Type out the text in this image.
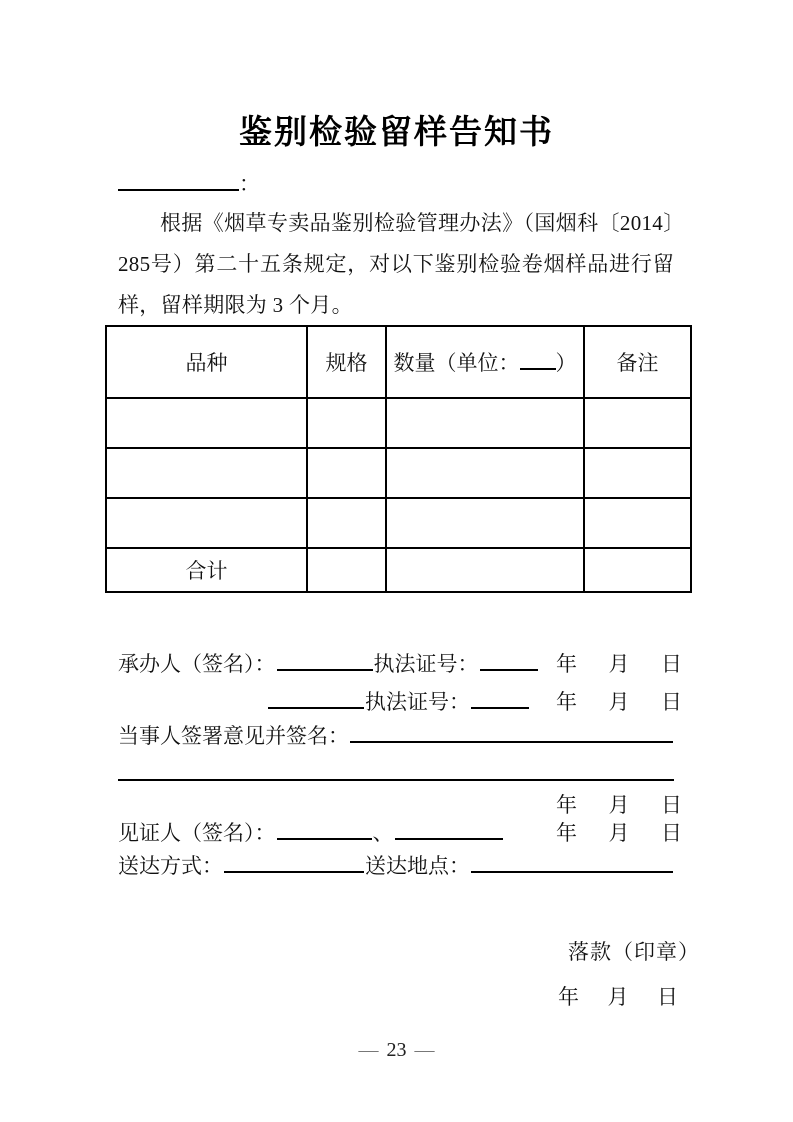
鉴别检验留样告知书
：

根据《烟草专卖品鉴别检验管理办法》（国烟科〔2014〕285号）第二十五条规定，对以下鉴别检验卷烟样品进行留样，留样期限为 3 个月。

品种	规格	数量（单位： ）	备注

合计			
承办人（签名）：	执法证号：	年 月 日
执法证号：	年 月 日
当事人签署意见并签名：
年 月 日
见证人（签名）：	、	年 月 日
送达方式：	送达地点：
落款（印章）
年 月 日
— 23 —
